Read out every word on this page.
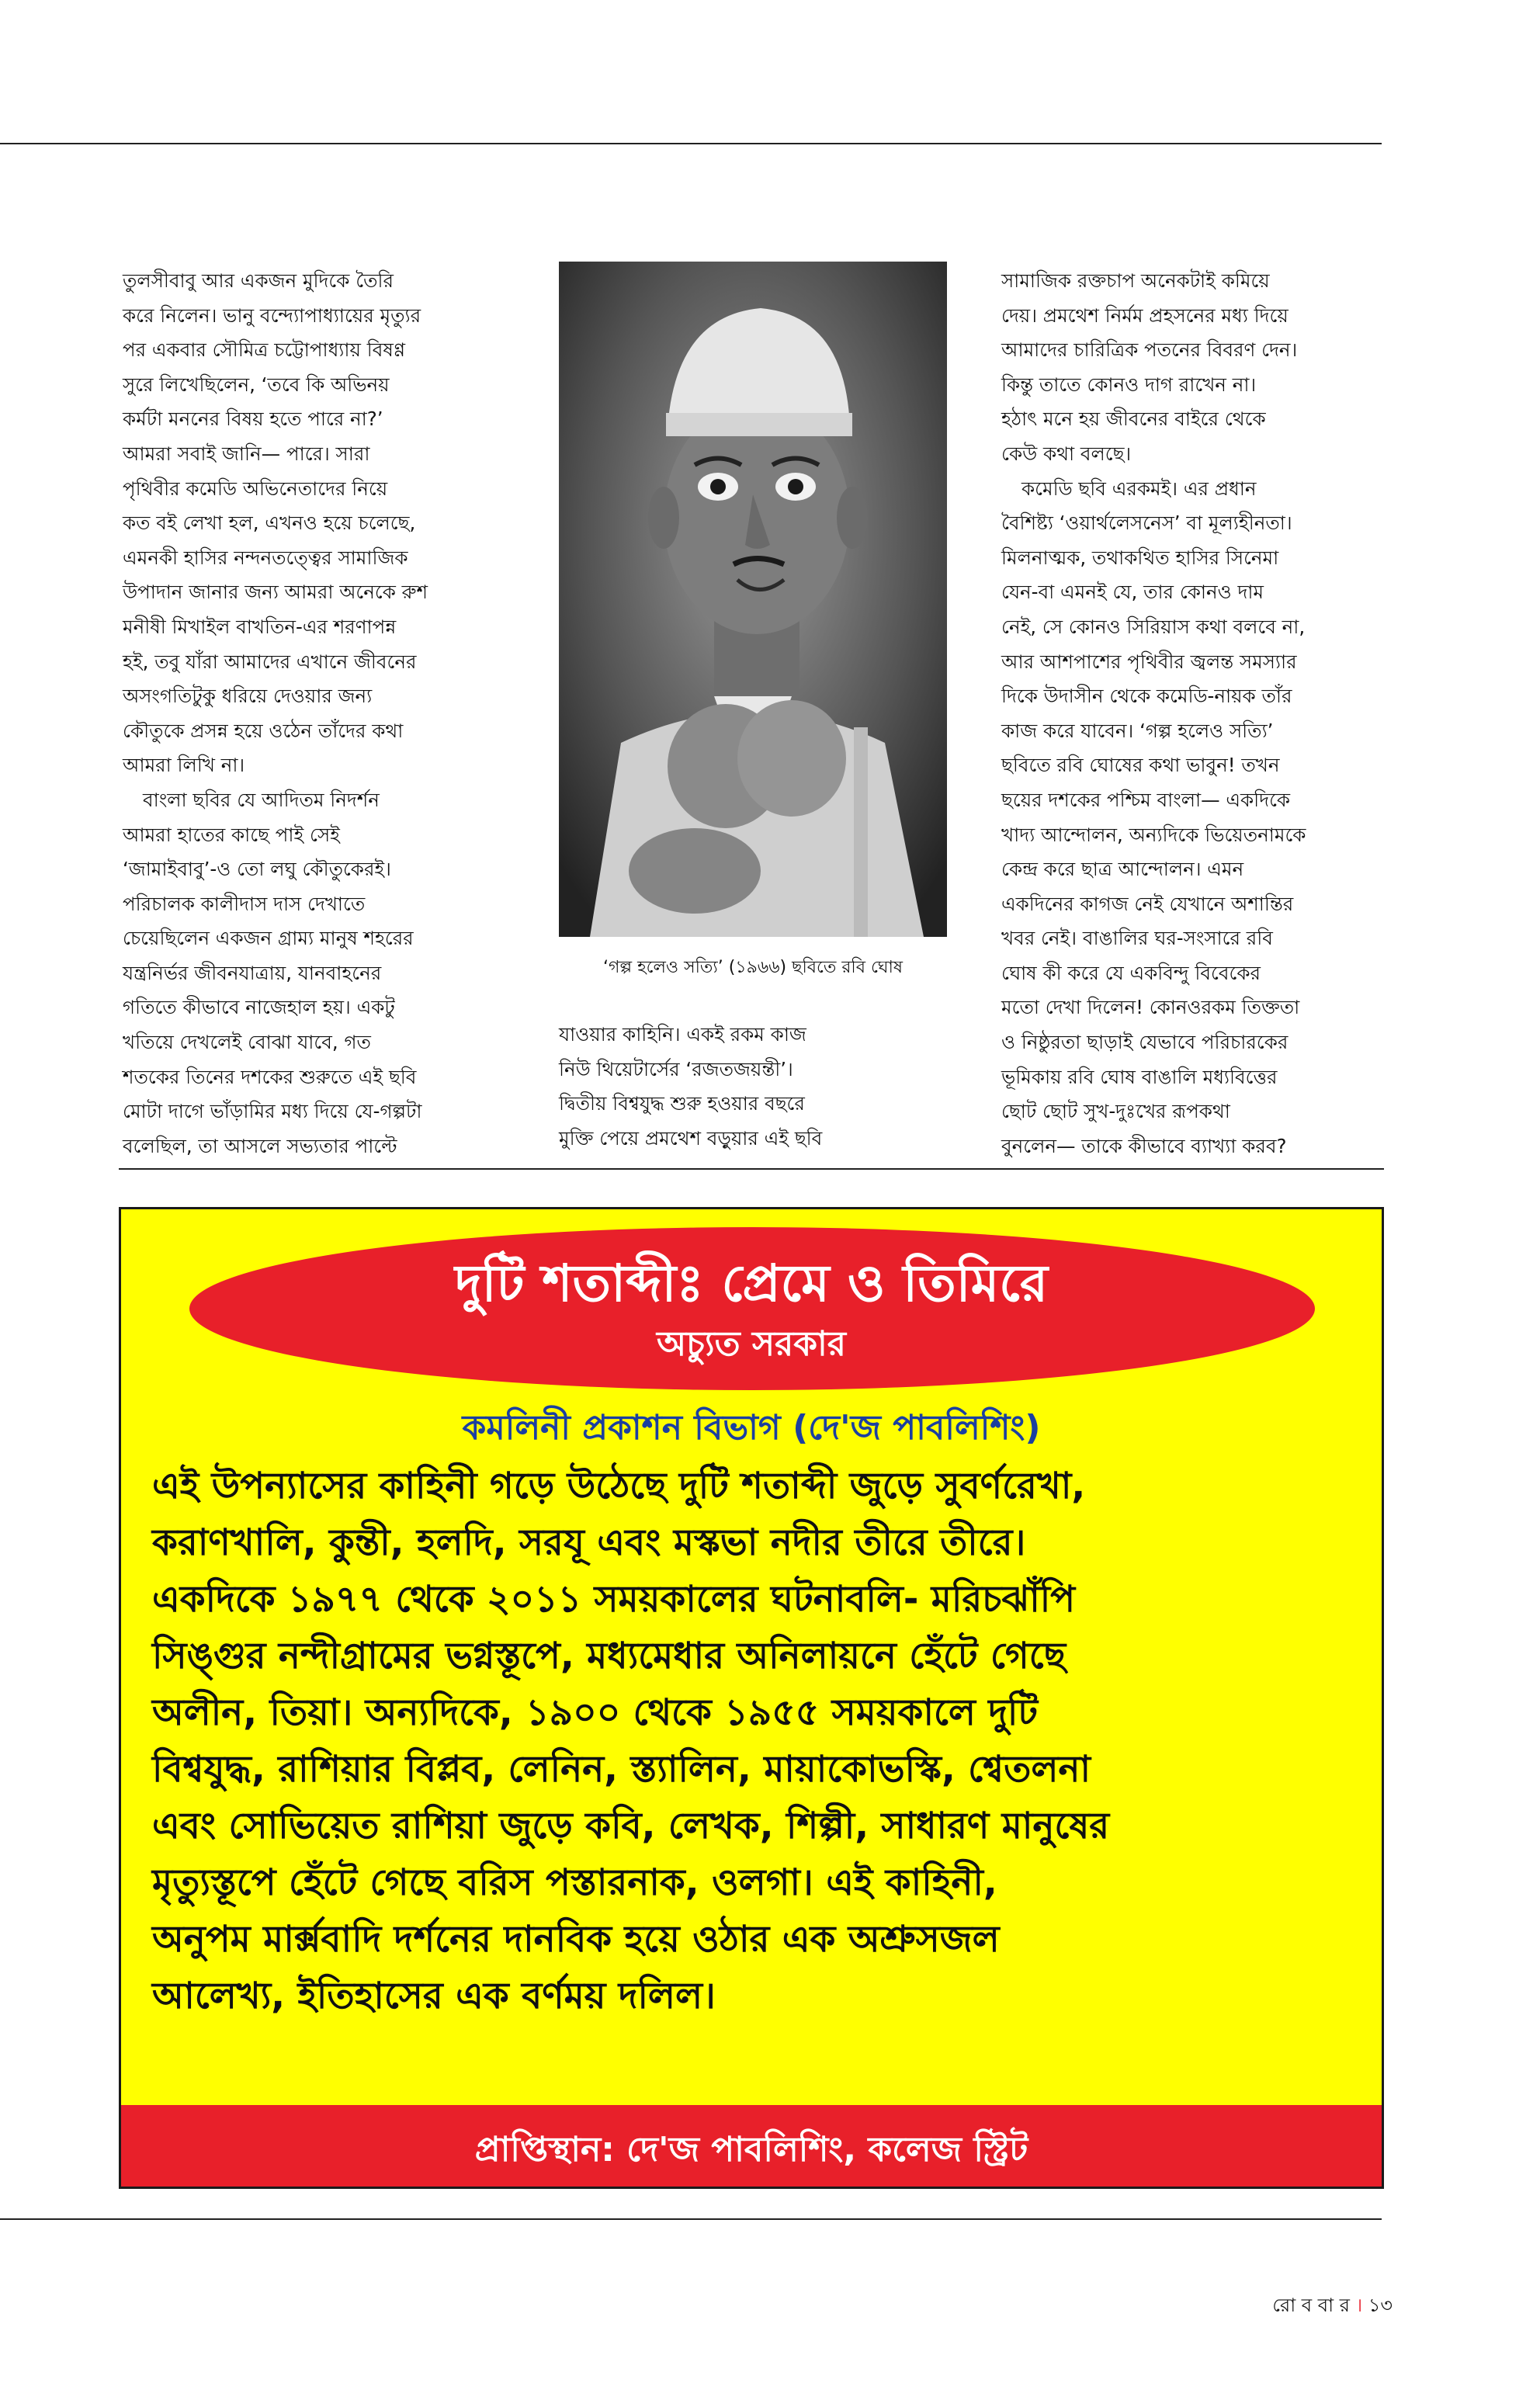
তুলসীবাবু আর একজন মুদিকে তৈরি

করে নিলেন। ভানু বন্দ্যোপাধ্যায়ের মৃত্যুর

পর একবার সৌমিত্র চট্টোপাধ্যায় বিষণ্ণ

সুরে লিখেছিলেন, ‘তবে কি অভিনয়

কর্মটা মননের বিষয় হতে পারে না?’

আমরা সবাই জানি— পারে। সারা

পৃথিবীর কমেডি অভিনেতাদের নিয়ে

কত বই লেখা হল, এখনও হয়ে চলেছে,

এমনকী হাসির নন্দনতত্ত্বের সামাজিক

উপাদান জানার জন্য আমরা অনেকে রুশ

মনীষী মিখাইল বাখতিন-এর শরণাপন্ন

হই, তবু যাঁরা আমাদের এখানে জীবনের

অসংগতিটুকু ধরিয়ে দেওয়ার জন্য

কৌতুকে প্রসন্ন হয়ে ওঠেন তাঁদের কথা

আমরা লিখি না।

বাংলা ছবির যে আদিতম নিদর্শন

আমরা হাতের কাছে পাই সেই

‘জামাইবাবু’-ও তো লঘু কৌতুকেরই।

পরিচালক কালীদাস দাস দেখাতে

চেয়েছিলেন একজন গ্রাম্য মানুষ শহরের

যন্ত্রনির্ভর জীবনযাত্রায়, যানবাহনের

গতিতে কীভাবে নাজেহাল হয়। একটু

খতিয়ে দেখলেই বোঝা যাবে, গত

শতকের তিনের দশকের শুরুতে এই ছবি

মোটা দাগে ভাঁড়ামির মধ্য দিয়ে যে-গল্পটা

বলেছিল, তা আসলে সভ্যতার পাল্টে

‘গল্প হলেও সত্যি’ (১৯৬৬) ছবিতে রবি ঘোষ

যাওয়ার কাহিনি। একই রকম কাজ

নিউ থিয়েটার্সের ‘রজতজয়ন্তী’।

দ্বিতীয় বিশ্বযুদ্ধ শুরু হওয়ার বছরে

মুক্তি পেয়ে প্রমথেশ বড়ুয়ার এই ছবি

সামাজিক রক্তচাপ অনেকটাই কমিয়ে

দেয়। প্রমথেশ নির্মম প্রহসনের মধ্য দিয়ে

আমাদের চারিত্রিক পতনের বিবরণ দেন।

কিন্তু তাতে কোনও দাগ রাখেন না।

হঠাৎ মনে হয় জীবনের বাইরে থেকে

কেউ কথা বলছে।

কমেডি ছবি এরকমই। এর প্রধান

বৈশিষ্ট্য ‘ওয়ার্থলেসনেস’ বা মূল্যহীনতা।

মিলনাত্মক, তথাকথিত হাসির সিনেমা

যেন-বা এমনই যে, তার কোনও দাম

নেই, সে কোনও সিরিয়াস কথা বলবে না,

আর আশপাশের পৃথিবীর জ্বলন্ত সমস্যার

দিকে উদাসীন থেকে কমেডি-নায়ক তাঁর

কাজ করে যাবেন। ‘গল্প হলেও সত্যি’

ছবিতে রবি ঘোষের কথা ভাবুন! তখন

ছয়ের দশকের পশ্চিম বাংলা— একদিকে

খাদ্য আন্দোলন, অন্যদিকে ভিয়েতনামকে

কেন্দ্র করে ছাত্র আন্দোলন। এমন

একদিনের কাগজ নেই যেখানে অশান্তির

খবর নেই। বাঙালির ঘর-সংসারে রবি

ঘোষ কী করে যে একবিন্দু বিবেকের

মতো দেখা দিলেন! কোনওরকম তিক্ততা

ও নিষ্ঠুরতা ছাড়াই যেভাবে পরিচারকের

ভূমিকায় রবি ঘোষ বাঙালি মধ্যবিত্তের

ছোট ছোট সুখ-দুঃখের রূপকথা

বুনলেন— তাকে কীভাবে ব্যাখ্যা করব?

দুটি শতাব্দীঃ প্রেমে ও তিমিরে
অচ্যুত সরকার
কমলিনী প্রকাশন বিভাগ (দে'জ পাবলিশিং)

এই উপন্যাসের কাহিনী গড়ে উঠেছে দুটি শতাব্দী জুড়ে সুবর্ণরেখা,

করাণখালি, কুন্তী, হলদি, সরযূ এবং মস্কভা নদীর তীরে তীরে।

একদিকে ১৯৭৭ থেকে ২০১১ সময়কালের ঘটনাবলি- মরিচঝাঁপি

সিঙ্গুর নন্দীগ্রামের ভগ্নস্তূপে, মধ্যমেধার অনিলায়নে হেঁটে গেছে

অলীন, তিয়া। অন্যদিকে, ১৯০০ থেকে ১৯৫৫ সময়কালে দুটি

বিশ্বযুদ্ধ, রাশিয়ার বিপ্লব, লেনিন, স্ত্যালিন, মায়াকোভস্কি, শ্বেতলনা

এবং সোভিয়েত রাশিয়া জুড়ে কবি, লেখক, শিল্পী, সাধারণ মানুষের

মৃত্যুস্তূপে হেঁটে গেছে বরিস পস্তারনাক, ওলগা। এই কাহিনী,

অনুপম মার্ক্সবাদি দর্শনের দানবিক হয়ে ওঠার এক অশ্রুসজল

আলেখ্য, ইতিহাসের এক বর্ণময় দলিল।

প্রাপ্তিস্থান: দে'জ পাবলিশিং, কলেজ স্ট্রিট
রো ব বা র । ১৩
